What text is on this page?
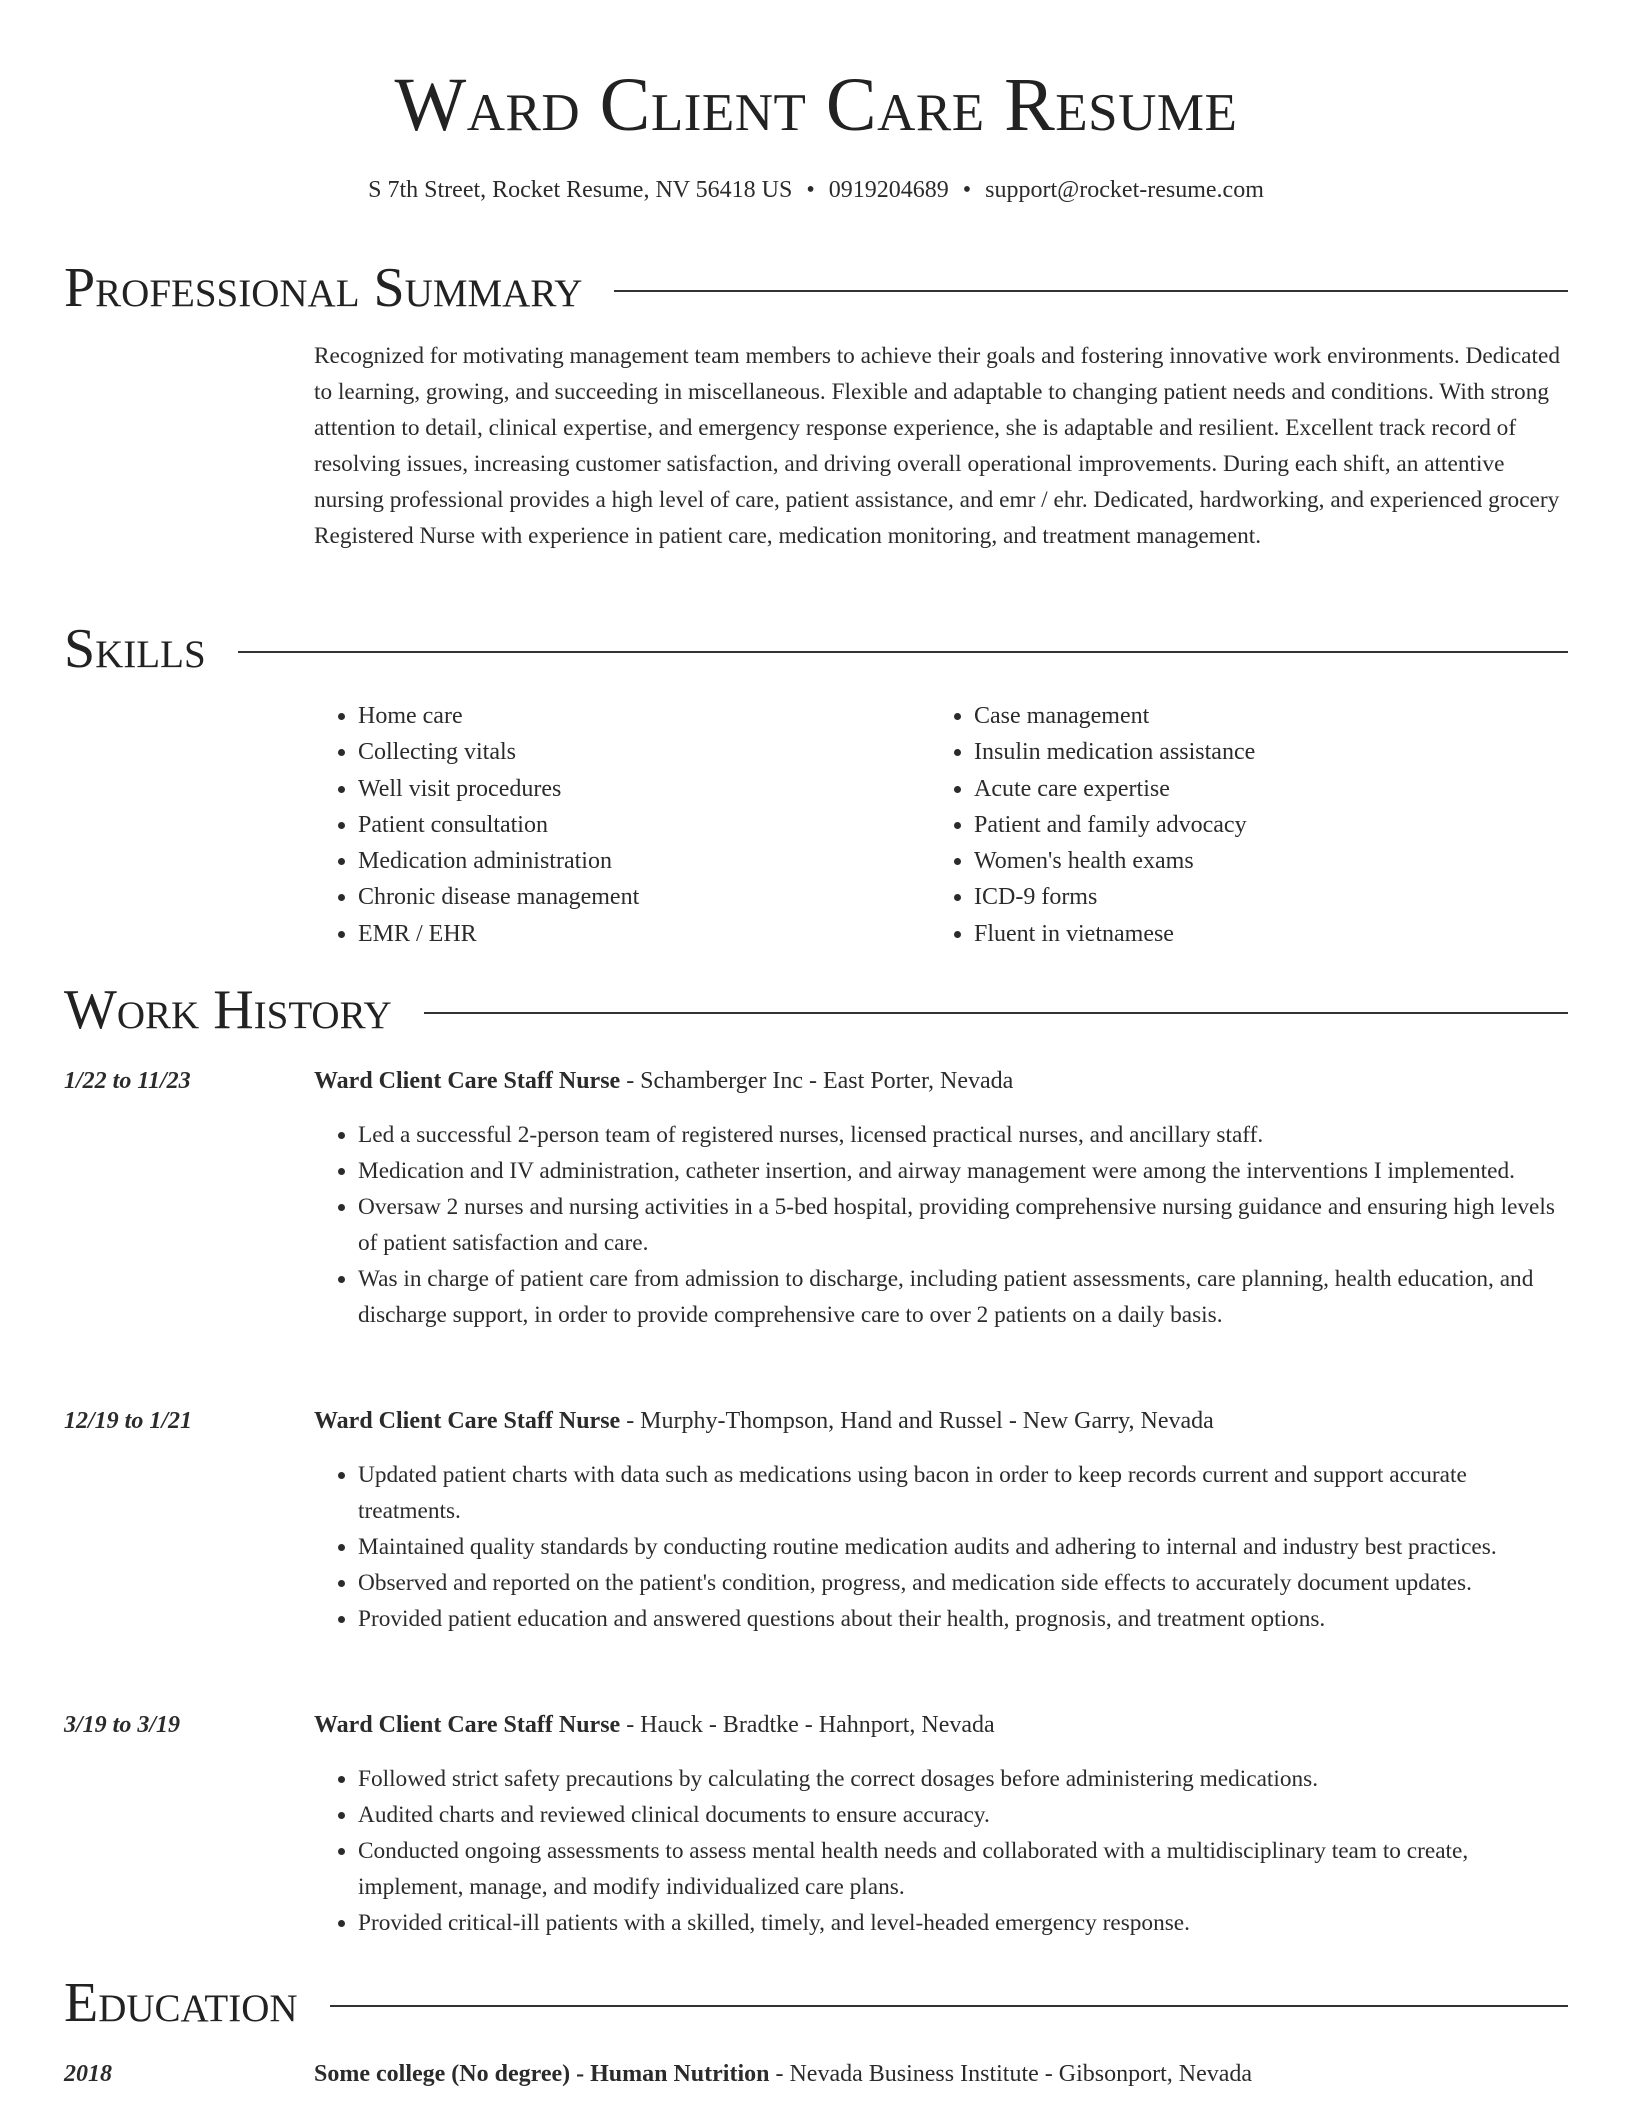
Ward Client Care Resume
S 7th Street, Rocket Resume, NV 56418 US • 0919204689 • support@rocket-resume.com
Professional Summary
Recognized for motivating management team members to achieve their goals and fostering innovative work environments. Dedicated to learning, growing, and succeeding in miscellaneous. Flexible and adaptable to changing patient needs and conditions. With strong attention to detail, clinical expertise, and emergency response experience, she is adaptable and resilient. Excellent track record of resolving issues, increasing customer satisfaction, and driving overall operational improvements. During each shift, an attentive nursing professional provides a high level of care, patient assistance, and emr / ehr. Dedicated, hardworking, and experienced grocery Registered Nurse with experience in patient care, medication monitoring, and treatment management.
Skills
• Home care
• Collecting vitals
• Well visit procedures
• Patient consultation
• Medication administration
• Chronic disease management
• EMR / EHR
• Case management
• Insulin medication assistance
• Acute care expertise
• Patient and family advocacy
• Women's health exams
• ICD-9 forms
• Fluent in vietnamese
Work History
1/22 to 11/23	Ward Client Care Staff Nurse - Schamberger Inc - East Porter, Nevada
• Led a successful 2-person team of registered nurses, licensed practical nurses, and ancillary staff.
• Medication and IV administration, catheter insertion, and airway management were among the interventions I implemented.
• Oversaw 2 nurses and nursing activities in a 5-bed hospital, providing comprehensive nursing guidance and ensuring high levels of patient satisfaction and care.
• Was in charge of patient care from admission to discharge, including patient assessments, care planning, health education, and discharge support, in order to provide comprehensive care to over 2 patients on a daily basis.
12/19 to 1/21	Ward Client Care Staff Nurse - Murphy-Thompson, Hand and Russel - New Garry, Nevada
• Updated patient charts with data such as medications using bacon in order to keep records current and support accurate treatments.
• Maintained quality standards by conducting routine medication audits and adhering to internal and industry best practices.
• Observed and reported on the patient's condition, progress, and medication side effects to accurately document updates.
• Provided patient education and answered questions about their health, prognosis, and treatment options.
3/19 to 3/19	Ward Client Care Staff Nurse - Hauck - Bradtke - Hahnport, Nevada
• Followed strict safety precautions by calculating the correct dosages before administering medications.
• Audited charts and reviewed clinical documents to ensure accuracy.
• Conducted ongoing assessments to assess mental health needs and collaborated with a multidisciplinary team to create, implement, manage, and modify individualized care plans.
• Provided critical-ill patients with a skilled, timely, and level-headed emergency response.
Education
2018	Some college (No degree) - Human Nutrition - Nevada Business Institute - Gibsonport, Nevada
